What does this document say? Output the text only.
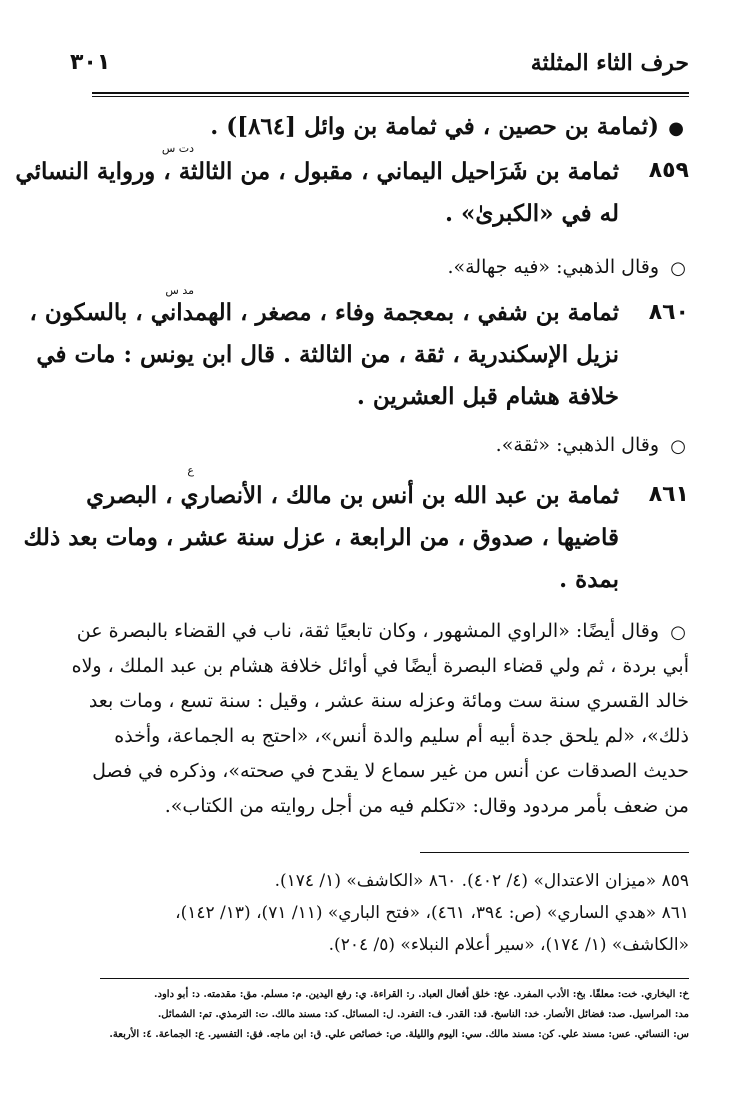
حرف الثاء المثلثة
٣٠١
●
(ثمامة بن حصين ، في ثمامة بن وائل [٨٦٤]) .
٨٥٩
دت س
ثمامة بن شَرَاحيل اليماني ، مقبول ، من الثالثة ، ورواية النسائي
له في «الكبرىٰ» .
○
وقال الذهبي: «فيه جهالة».
٨٦٠
مد س
ثمامة بن شفي ، بمعجمة وفاء ، مصغر ، الهمداني ، بالسكون ،
نزيل الإسكندرية ، ثقة ، من الثالثة . قال ابن يونس : مات في
خلافة هشام قبل العشرين .
○
وقال الذهبي: «ثقة».
٨٦١
ع
ثمامة بن عبد الله بن أنس بن مالك ، الأنصاري ، البصري
قاضيها ، صدوق ، من الرابعة ، عزل سنة عشر ، ومات بعد ذلك
بمدة .
○
وقال أيضًا: «الراوي المشهور ، وكان تابعيًا ثقة، ناب في القضاء بالبصرة عن
أبي بردة ، ثم ولي قضاء البصرة أيضًا في أوائل خلافة هشام بن عبد الملك ، ولاه
خالد القسري سنة ست ومائة وعزله سنة عشر ، وقيل : سنة تسع ، ومات بعد
ذلك»، «لم يلحق جدة أبيه أم سليم والدة أنس»، «احتج به الجماعة، وأخذه
حديث الصدقات عن أنس من غير سماع لا يقدح في صحته»، وذكره في فصل
من ضعف بأمر مردود وقال: «تكلم فيه من أجل روايته من الكتاب».
٨٥٩ «ميزان الاعتدال» (٤/ ٤٠٢). ٨٦٠ «الكاشف» (١/ ١٧٤).
٨٦١ «هدي الساري» (ص: ٣٩٤، ٤٦١)، «فتح الباري» (١١/ ٧١)، (١٣/ ١٤٢)،
«الكاشف» (١/ ١٧٤)، «سير أعلام النبلاء» (٥/ ٢٠٤).
خ: البخاري. خت: معلقًا. بخ: الأدب المفرد. عخ: خلق أفعال العباد. ر: القراءة. ي: رفع اليدين. م: مسلم. مق: مقدمته. د: أبو داود.
مد: المراسيل. صد: فضائل الأنصار. خد: الناسخ. قد: القدر. ف: التفرد. ل: المسائل. كد: مسند مالك. ت: الترمذي. تم: الشمائل.
س: النسائي. عس: مسند علي. كن: مسند مالك. سي: اليوم والليلة. ص: خصائص علي. ق: ابن ماجه. فق: التفسير. ع: الجماعة. ٤: الأربعة.
